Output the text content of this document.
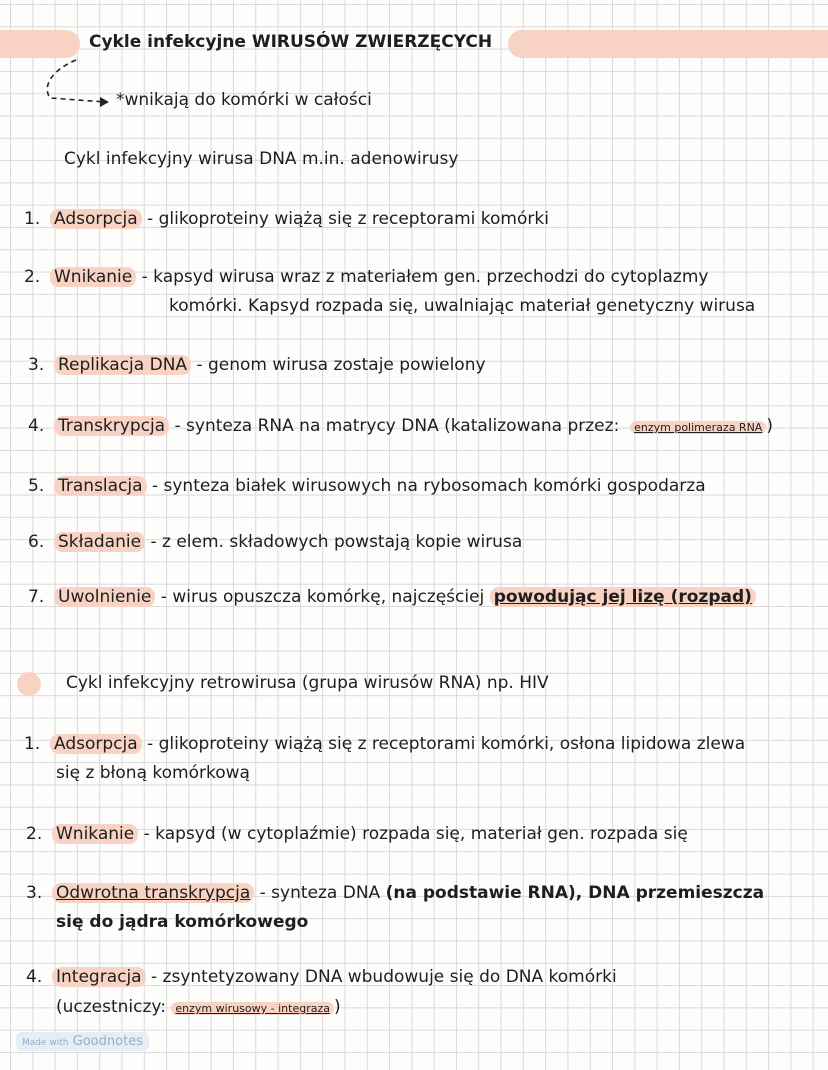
Cykle infekcyjne WIRUSÓW ZWIERZĘCYCH
*wnikają do komórki w całości
Cykl infekcyjny wirusa DNA m.in. adenowirusy
1. Adsorpcja - glikoproteiny wiążą się z receptorami komórki
2. Wnikanie - kapsyd wirusa wraz z materiałem gen. przechodzi do cytoplazmy
komórki. Kapsyd rozpada się, uwalniając materiał genetyczny wirusa
3. Replikacja DNA - genom wirusa zostaje powielony
4. Transkrypcja - synteza RNA na matrycy DNA (katalizowana przez: enzym polimeraza RNA )
5. Translacja - synteza białek wirusowych na rybosomach komórki gospodarza
6. Składanie - z elem. składowych powstają kopie wirusa
7. Uwolnienie - wirus opuszcza komórkę, najczęściej powodując jej lizę (rozpad)
Cykl infekcyjny retrowirusa (grupa wirusów RNA) np. HIV
1. Adsorpcja - glikoproteiny wiążą się z receptorami komórki, osłona lipidowa zlewa
się z błoną komórkową
2. Wnikanie - kapsyd (w cytoplaźmie) rozpada się, materiał gen. rozpada się
3. Odwrotna transkrypcja - synteza DNA (na podstawie RNA), DNA przemieszcza
się do jądra komórkowego
4. Integracja - zsyntetyzowany DNA wbudowuje się do DNA komórki
(uczestniczy: enzym wirusowy - integraza )
Made with Goodnotes
